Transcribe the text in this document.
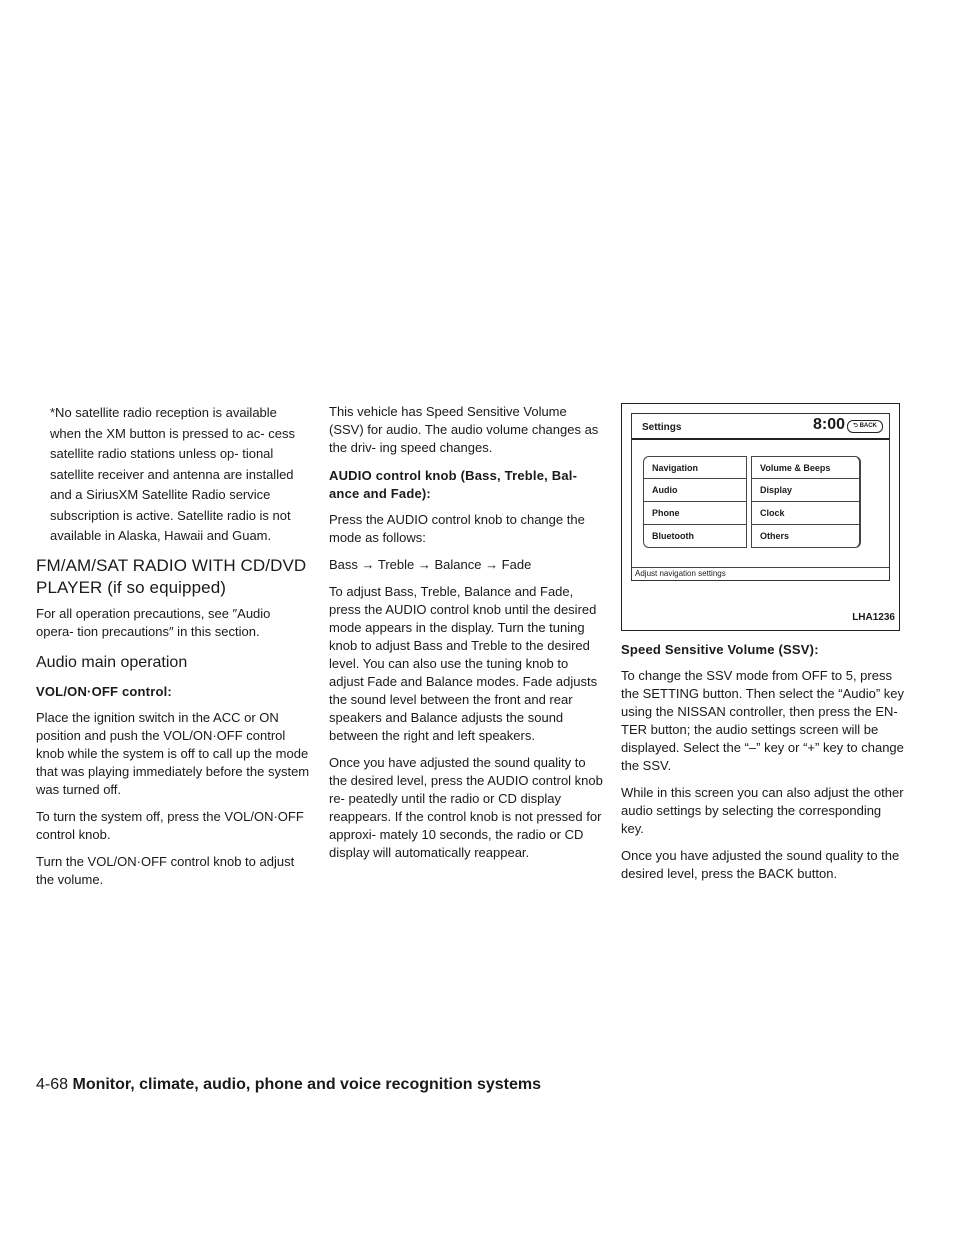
*No satellite radio reception is available when the XM button is pressed to ac- cess satellite radio stations unless op- tional satellite receiver and antenna are installed and a SiriusXM Satellite Radio service subscription is active. Satellite radio is not available in Alaska, Hawaii and Guam.

FM/AM/SAT RADIO WITH CD/DVD PLAYER (if so equipped)

For all operation precautions, see ″Audio opera- tion precautions″ in this section.

Audio main operation

VOL/ON·OFF control:

Place the ignition switch in the ACC or ON position and push the VOL/ON·OFF control knob while the system is off to call up the mode that was playing immediately before the system was turned off.

To turn the system off, press the VOL/ON·OFF control knob.

Turn the VOL/ON·OFF control knob to adjust the volume.

This vehicle has Speed Sensitive Volume (SSV) for audio. The audio volume changes as the driv- ing speed changes.

AUDIO control knob (Bass, Treble, Bal- ance and Fade):

Press the AUDIO control knob to change the mode as follows:

Bass → Treble → Balance → Fade

To adjust Bass, Treble, Balance and Fade, press the AUDIO control knob until the desired mode appears in the display. Turn the tuning knob to adjust Bass and Treble to the desired level. You can also use the tuning knob to adjust Fade and Balance modes. Fade adjusts the sound level between the front and rear speakers and Balance adjusts the sound between the right and left speakers.

Once you have adjusted the sound quality to the desired level, press the AUDIO control knob re- peatedly until the radio or CD display reappears. If the control knob is not pressed for approxi- mately 10 seconds, the radio or CD display will automatically reappear.

Settings	8:00	⮌ BACK
Navigation
Audio
Phone
Bluetooth
Volume & Beeps
Display
Clock
Others
Adjust navigation settings
LHA1236

Speed Sensitive Volume (SSV):

To change the SSV mode from OFF to 5, press the SETTING button. Then select the “Audio” key using the NISSAN controller, then press the EN- TER button; the audio settings screen will be displayed. Select the “–” key or “+” key to change the SSV.

While in this screen you can also adjust the other audio settings by selecting the corresponding key.

Once you have adjusted the sound quality to the desired level, press the BACK button.

4-68 Monitor, climate, audio, phone and voice recognition systems
